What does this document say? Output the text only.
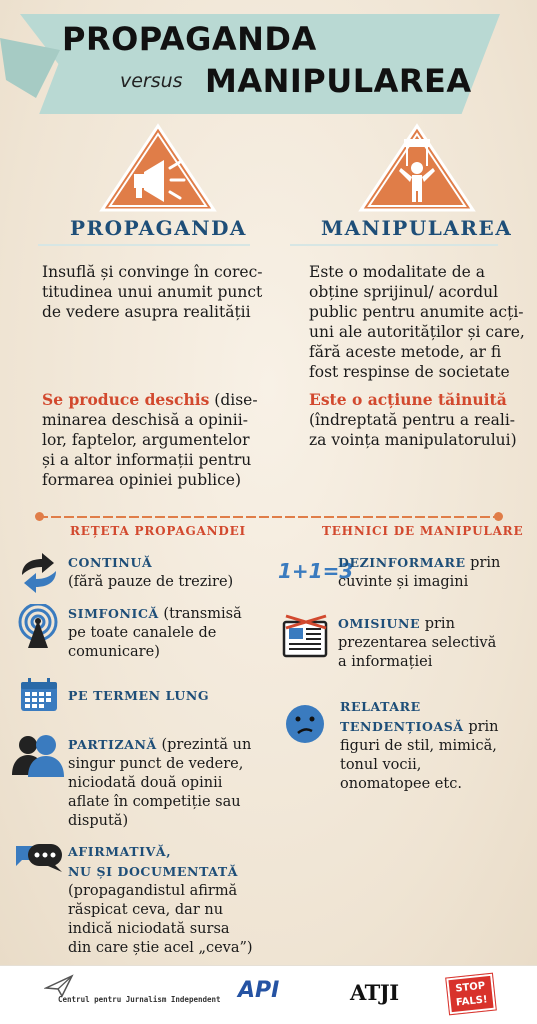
PROPAGANDA
versus MANIPULAREA
PROPAGANDA	MANIPULAREA
Insuflă și convinge în corec-
titudinea unui anumit punct
de vedere asupra realității
Este o modalitate de a
obține sprijinul/ acordul
public pentru anumite acți-
uni ale autorităților și care,
fără aceste metode, ar fi
fost respinse de societate
Se produce deschis (dise-
minarea deschisă a opinii-
lor, faptelor, argumentelor
și a altor informații pentru
formarea opiniei publice)
Este o acțiune tăinuită
(îndreptată pentru a reali-
za voința manipulatorului)
REȚETA PROPAGANDEI	TEHNICI DE MANIPULARE
CONTINUĂ
(fără pauze de trezire)
SIMFONICĂ (transmisă
pe toate canalele de
comunicare)
PE TERMEN LUNG
PARTIZANĂ (prezintă un
singur punct de vedere,
niciodată două opinii
aflate în competiție sau
dispută)
AFIRMATIVĂ,
NU ȘI DOCUMENTATĂ
(propagandistul afirmă
răspicat ceva, dar nu
indică niciodată sursa
din care știe acel „ceva”)
1+1=3
DEZINFORMARE prin
cuvinte și imagini
OMISIUNE prin
prezentarea selectivă
a informației
RELATARE
TENDENȚIOASĂ prin
figuri de stil, mimică,
tonul vocii,
onomatopee etc.
Centrul pentru Jurnalism Independent API	ATJI	STOP
FALS!
